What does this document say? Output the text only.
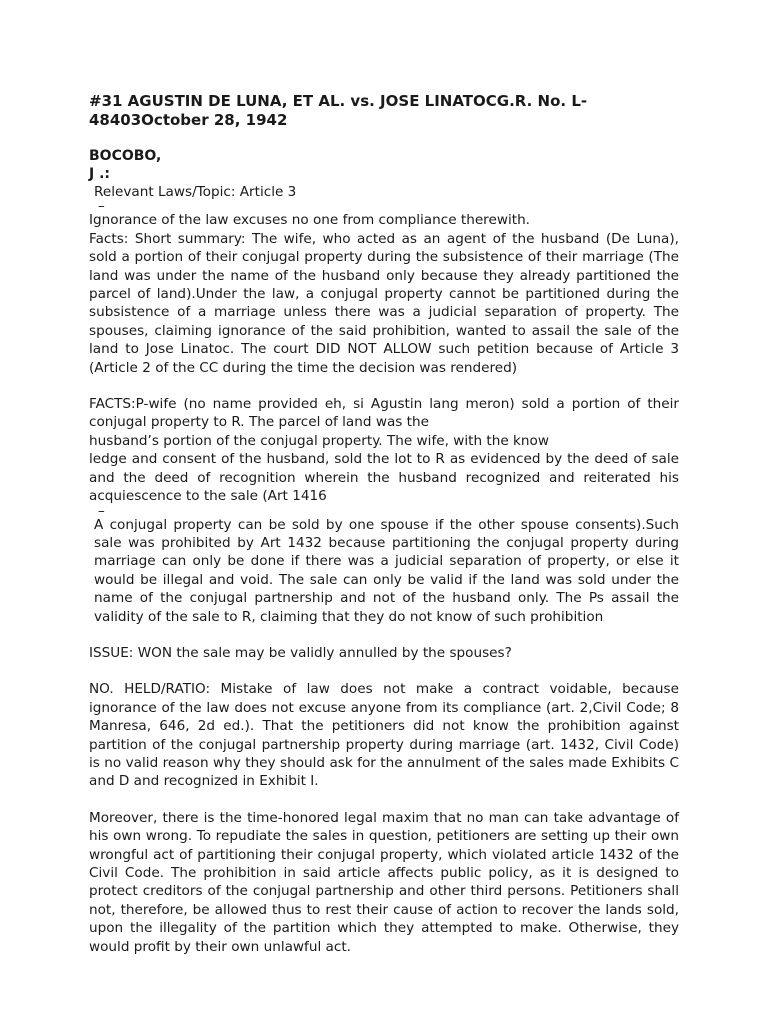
#31 AGUSTIN DE LUNA, ET AL. vs. JOSE LINATOCG.R. No. L-48403October 28, 1942

BOCOBO,

J .:

Relevant Laws/Topic: Article 3

–

Ignorance of the law excuses no one from compliance therewith.

Facts: Short summary: The wife, who acted as an agent of the husband (De Luna), sold a portion of their conjugal property during the subsistence of their marriage (The land was under the name of the husband only because they already partitioned the parcel of land).Under the law, a conjugal property cannot be partitioned during the subsistence of a marriage unless there was a judicial separation of property. The spouses, claiming ignorance of the said prohibition, wanted to assail the sale of the land to Jose Linatoc. The court DID NOT ALLOW such petition because of Article 3 (Article 2 of the CC during the time the decision was rendered)

FACTS:P-wife (no name provided eh, si Agustin lang meron) sold a portion of their conjugal property to R. The parcel of land was the

husband’s portion of the conjugal property. The wife, with the know

ledge and consent of the husband, sold the lot to R as evidenced by the deed of sale and the deed of recognition wherein the husband recognized and reiterated his acquiescence to the sale (Art 1416

–

A conjugal property can be sold by one spouse if the other spouse consents).Such sale was prohibited by Art 1432 because partitioning the conjugal property during marriage can only be done if there was a judicial separation of property, or else it would be illegal and void. The sale can only be valid if the land was sold under the name of the conjugal partnership and not of the husband only. The Ps assail the validity of the sale to R, claiming that they do not know of such prohibition

ISSUE: WON the sale may be validly annulled by the spouses?

NO. HELD/RATIO: Mistake of law does not make a contract voidable, because ignorance of the law does not excuse anyone from its compliance (art. 2,Civil Code; 8 Manresa, 646, 2d ed.). That the petitioners did not know the prohibition against partition of the conjugal partnership property during marriage (art. 1432, Civil Code) is no valid reason why they should ask for the annulment of the sales made Exhibits C and D and recognized in Exhibit I.

Moreover, there is the time-honored legal maxim that no man can take advantage of his own wrong. To repudiate the sales in question, petitioners are setting up their own wrongful act of partitioning their conjugal property, which violated article 1432 of the Civil Code. The prohibition in said article affects public policy, as it is designed to protect creditors of the conjugal partnership and other third persons. Petitioners shall not, therefore, be allowed thus to rest their cause of action to recover the lands sold, upon the illegality of the partition which they attempted to make. Otherwise, they would profit by their own unlawful act.
